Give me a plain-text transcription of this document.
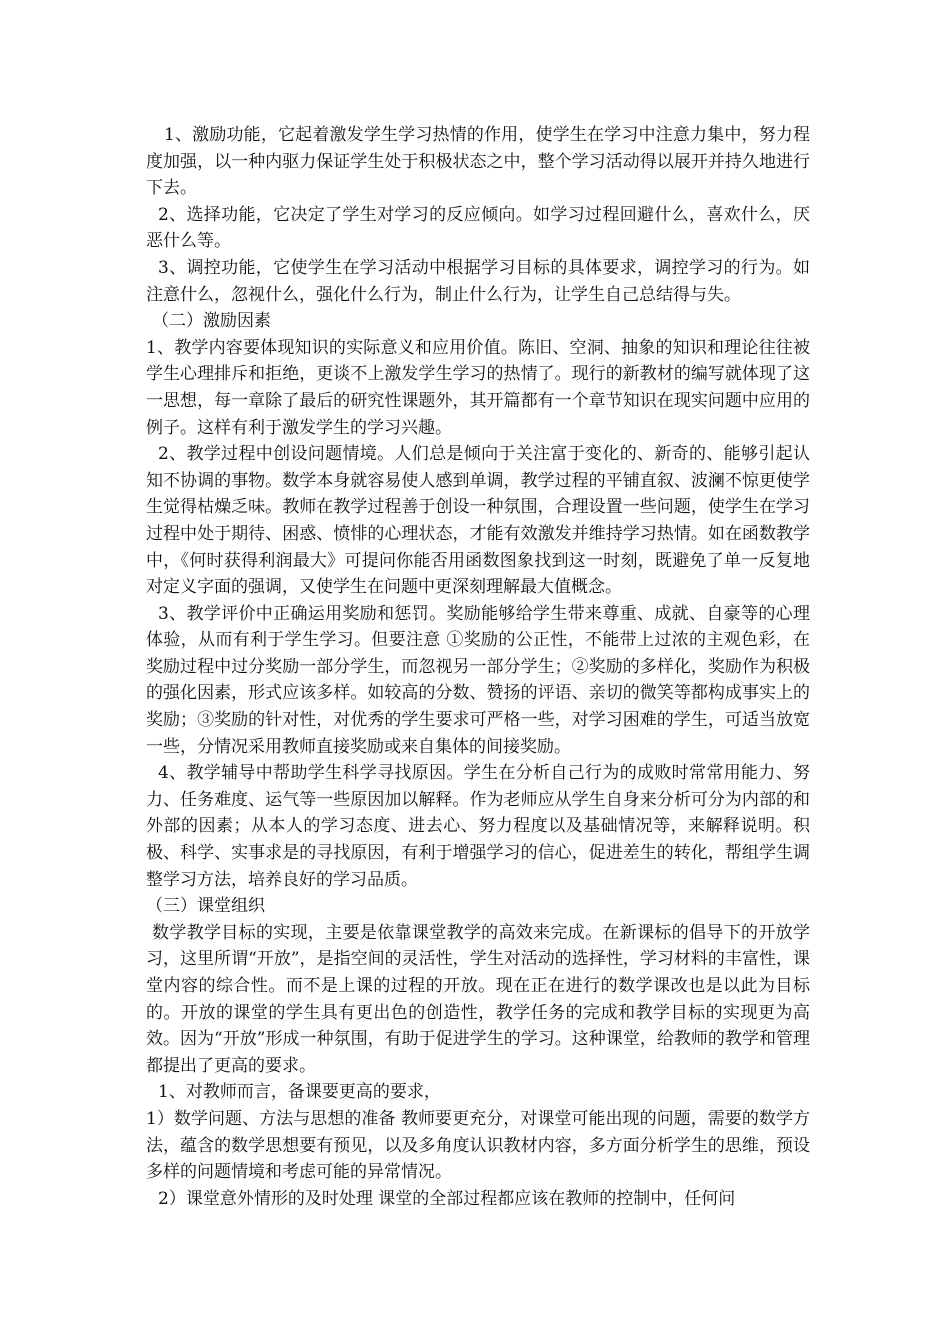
1、激励功能，它起着激发学生学习热情的作用，使学生在学习中注意力集中，努力程度加强，以一种内驱力保证学生处于积极状态之中，整个学习活动得以展开并持久地进行下去。

2、选择功能，它决定了学生对学习的反应倾向。如学习过程回避什么，喜欢什么，厌恶什么等。

3、调控功能，它使学生在学习活动中根据学习目标的具体要求，调控学习的行为。如注意什么，忽视什么，强化什么行为，制止什么行为，让学生自己总结得与失。

（二）激励因素

1、教学内容要体现知识的实际意义和应用价值。陈旧、空洞、抽象的知识和理论往往被学生心理排斥和拒绝，更谈不上激发学生学习的热情了。现行的新教材的编写就体现了这一思想，每一章除了最后的研究性课题外，其开篇都有一个章节知识在现实问题中应用的例子。这样有利于激发学生的学习兴趣。

2、教学过程中创设问题情境。人们总是倾向于关注富于变化的、新奇的、能够引起认知不协调的事物。数学本身就容易使人感到单调，教学过程的平铺直叙、波澜不惊更使学生觉得枯燥乏味。教师在教学过程善于创设一种氛围，合理设置一些问题，使学生在学习过程中处于期待、困惑、愤悱的心理状态，才能有效激发并维持学习热情。如在函数教学中，《何时获得利润最大》可提问你能否用函数图象找到这一时刻，既避免了单一反复地对定义字面的强调，又使学生在问题中更深刻理解最大值概念。

3、教学评价中正确运用奖励和惩罚。奖励能够给学生带来尊重、成就、自豪等的心理体验，从而有利于学生学习。但要注意 ①奖励的公正性，不能带上过浓的主观色彩，在奖励过程中过分奖励一部分学生，而忽视另一部分学生；②奖励的多样化，奖励作为积极的强化因素，形式应该多样。如较高的分数、赞扬的评语、亲切的微笑等都构成事实上的奖励；③奖励的针对性，对优秀的学生要求可严格一些，对学习困难的学生，可适当放宽一些，分情况采用教师直接奖励或来自集体的间接奖励。

4、教学辅导中帮助学生科学寻找原因。学生在分析自己行为的成败时常常用能力、努力、任务难度、运气等一些原因加以解释。作为老师应从学生自身来分析可分为内部的和外部的因素；从本人的学习态度、进去心、努力程度以及基础情况等，来解释说明。积极、科学、实事求是的寻找原因，有利于增强学习的信心，促进差生的转化，帮组学生调整学习方法，培养良好的学习品质。

（三）课堂组织

数学教学目标的实现，主要是依靠课堂教学的高效来完成。在新课标的倡导下的开放学习，这里所谓“开放”，是指空间的灵活性，学生对活动的选择性，学习材料的丰富性，课堂内容的综合性。而不是上课的过程的开放。现在正在进行的数学课改也是以此为目标的。开放的课堂的学生具有更出色的创造性，教学任务的完成和教学目标的实现更为高效。因为“开放”形成一种氛围，有助于促进学生的学习。这种课堂，给教师的教学和管理都提出了更高的要求。

1、对教师而言，备课要更高的要求，

1）数学问题、方法与思想的准备 教师要更充分，对课堂可能出现的问题，需要的数学方法，蕴含的数学思想要有预见，以及多角度认识教材内容，多方面分析学生的思维，预设多样的问题情境和考虑可能的异常情况。

2）课堂意外情形的及时处理 课堂的全部过程都应该在教师的控制中，任何问
